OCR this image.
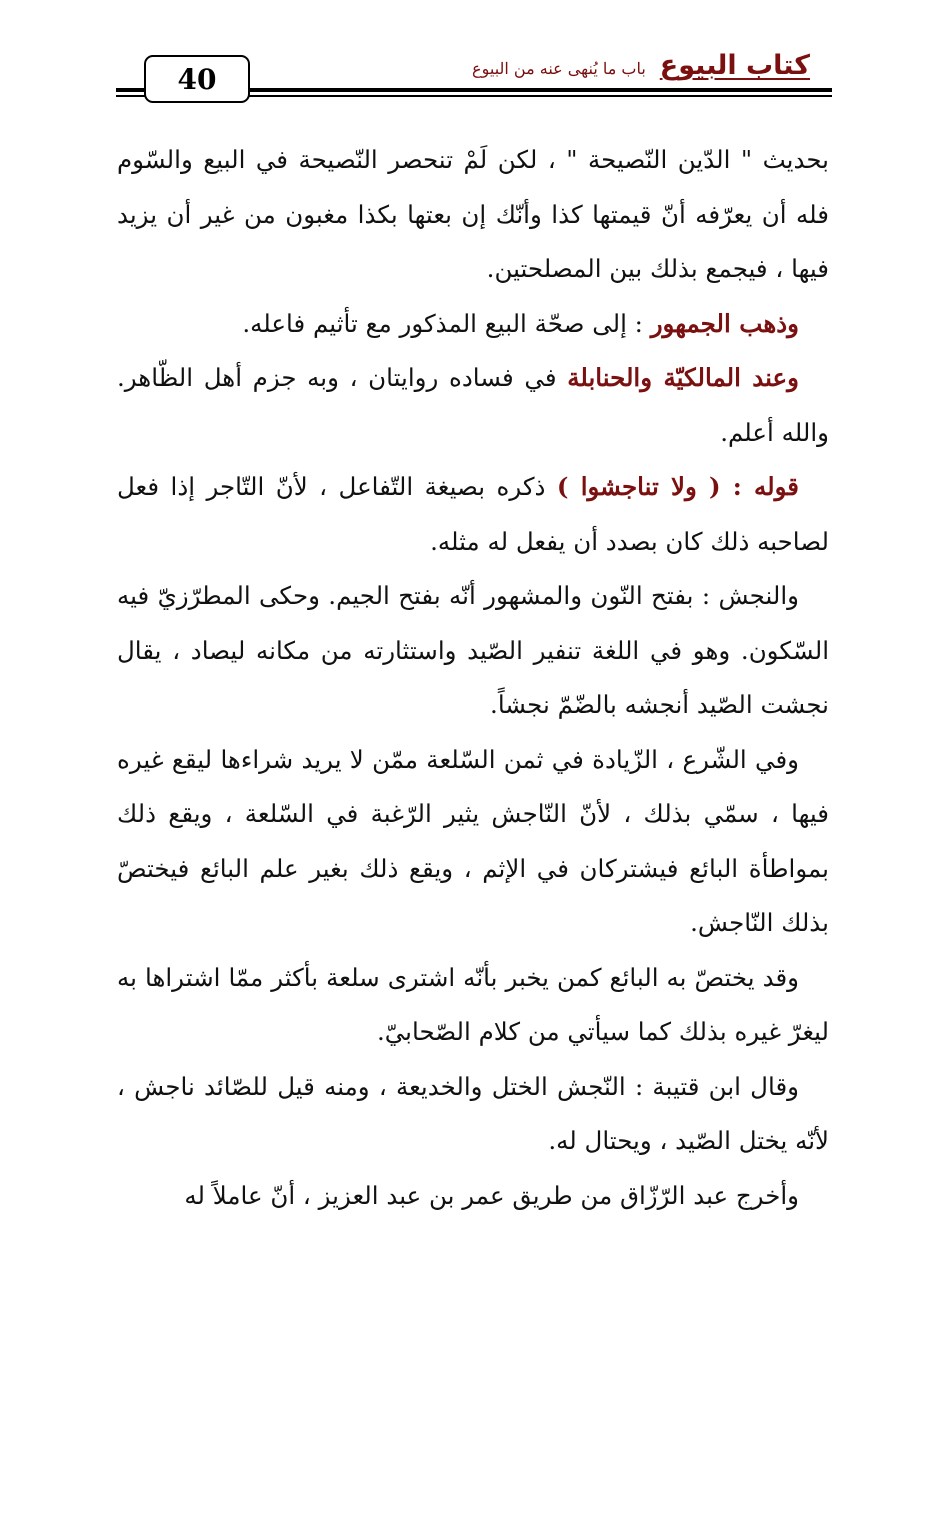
40	كتاب البيوع
باب ما يُنهى عنه من البيوع

بحديث " الدّين النّصيحة " ، لكن لَمْ تنحصر النّصيحة في البيع والسّوم فله أن يعرّفه أنّ قيمتها كذا وأنّك إن بعتها بكذا مغبون من غير أن يزيد فيها ، فيجمع بذلك بين المصلحتين.

وذهب الجمهور : إلى صحّة البيع المذكور مع تأثيم فاعله.

وعند المالكيّة والحنابلة في فساده روايتان ، وبه جزم أهل الظّاهر. والله أعلم.

قوله : ( ولا تناجشوا ) ذكره بصيغة التّفاعل ، لأنّ التّاجر إذا فعل لصاحبه ذلك كان بصدد أن يفعل له مثله.

والنجش : بفتح النّون والمشهور أنّه بفتح الجيم. وحكى المطرّزيّ فيه السّكون. وهو في اللغة تنفير الصّيد واستثارته من مكانه ليصاد ، يقال نجشت الصّيد أنجشه بالضّمّ نجشاً.

وفي الشّرع ، الزّيادة في ثمن السّلعة ممّن لا يريد شراءها ليقع غيره فيها ، سمّي بذلك ، لأنّ النّاجش يثير الرّغبة في السّلعة ، ويقع ذلك بمواطأة البائع فيشتركان في الإثم ، ويقع ذلك بغير علم البائع فيختصّ بذلك النّاجش.

وقد يختصّ به البائع كمن يخبر بأنّه اشترى سلعة بأكثر ممّا اشتراها به ليغرّ غيره بذلك كما سيأتي من كلام الصّحابيّ.

وقال ابن قتيبة : النّجش الختل والخديعة ، ومنه قيل للصّائد ناجش ، لأنّه يختل الصّيد ، ويحتال له.

وأخرج عبد الرّزّاق من طريق عمر بن عبد العزيز ، أنّ عاملاً له
